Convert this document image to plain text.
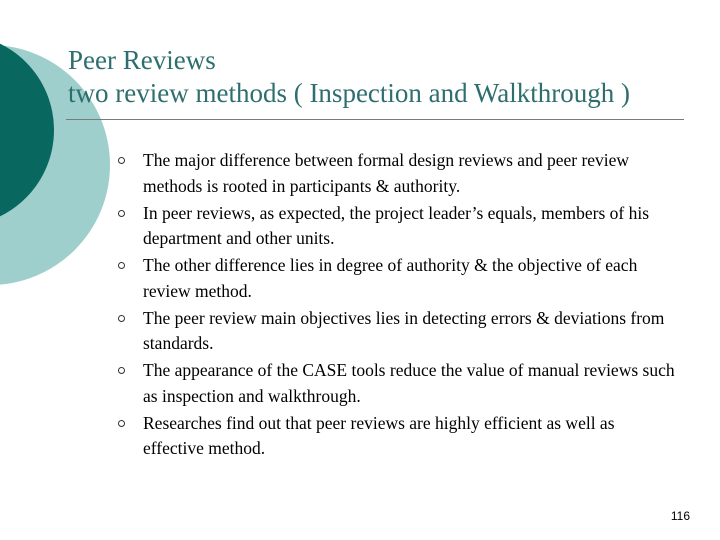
Peer Reviews
two review methods ( Inspection and Walkthrough )
The major difference between formal design reviews and peer review methods is rooted in participants & authority.
In peer reviews, as expected, the project leader’s equals, members of his department and other units.
The other difference lies in degree of authority & the objective of each review method.
The peer review main objectives lies in detecting errors & deviations from standards.
The appearance of the CASE tools reduce the value of manual reviews such as inspection and walkthrough.
Researches find out that peer reviews are highly efficient as well as effective method.
116
